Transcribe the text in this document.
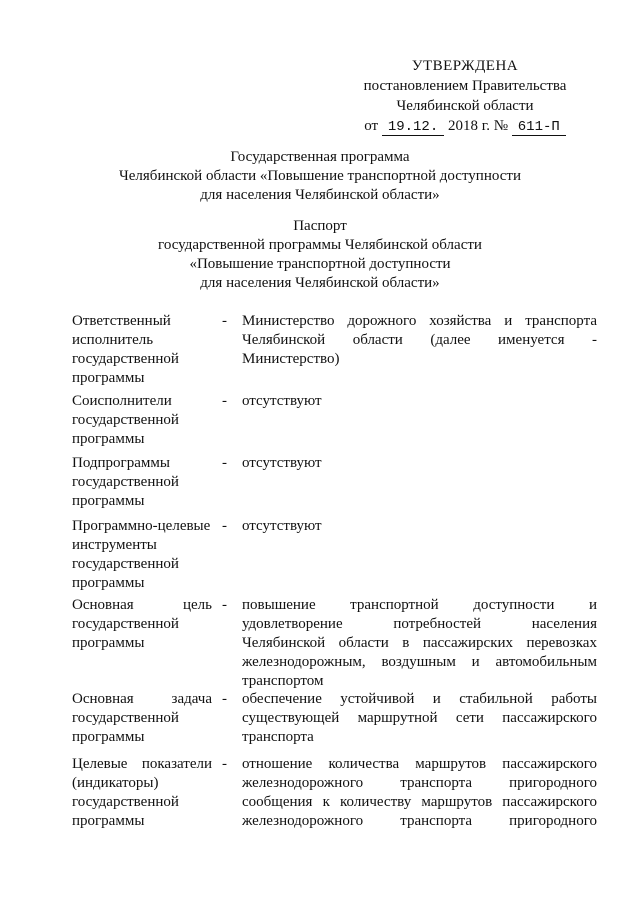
УТВЕРЖДЕНА
постановлением Правительства
Челябинской области
от 19.12. 2018 г. № 611-П
Государственная программа
Челябинской области «Повышение транспортной доступности
для населения Челябинской области»
Паспорт
государственной программы Челябинской области
«Повышение транспортной доступности
для населения Челябинской области»
Ответственный
исполнитель
государственной
программы
- Министерство дорожного хозяйства и транспорта
Челябинской области (далее именуется -
Министерство)
Соисполнители
государственной
программы
- отсутствуют
Подпрограммы
государственной
программы
- отсутствуют
Программно-целевые
инструменты
государственной
программы
- отсутствуют
Основная	цель
государственной
программы
- повышение транспортной доступности и
удовлетворение	потребностей	населения
Челябинской области в пассажирских перевозках
железнодорожным, воздушным и автомобильным
транспортом
Основная	задача
государственной
программы
- обеспечение устойчивой и стабильной работы
существующей маршрутной сети пассажирского
транспорта
Целевые показатели
(индикаторы)
государственной
программы
- отношение количества маршрутов пассажирского
железнодорожного транспорта пригородного
сообщения к количеству маршрутов пассажирского
железнодорожного транспорта пригородного
